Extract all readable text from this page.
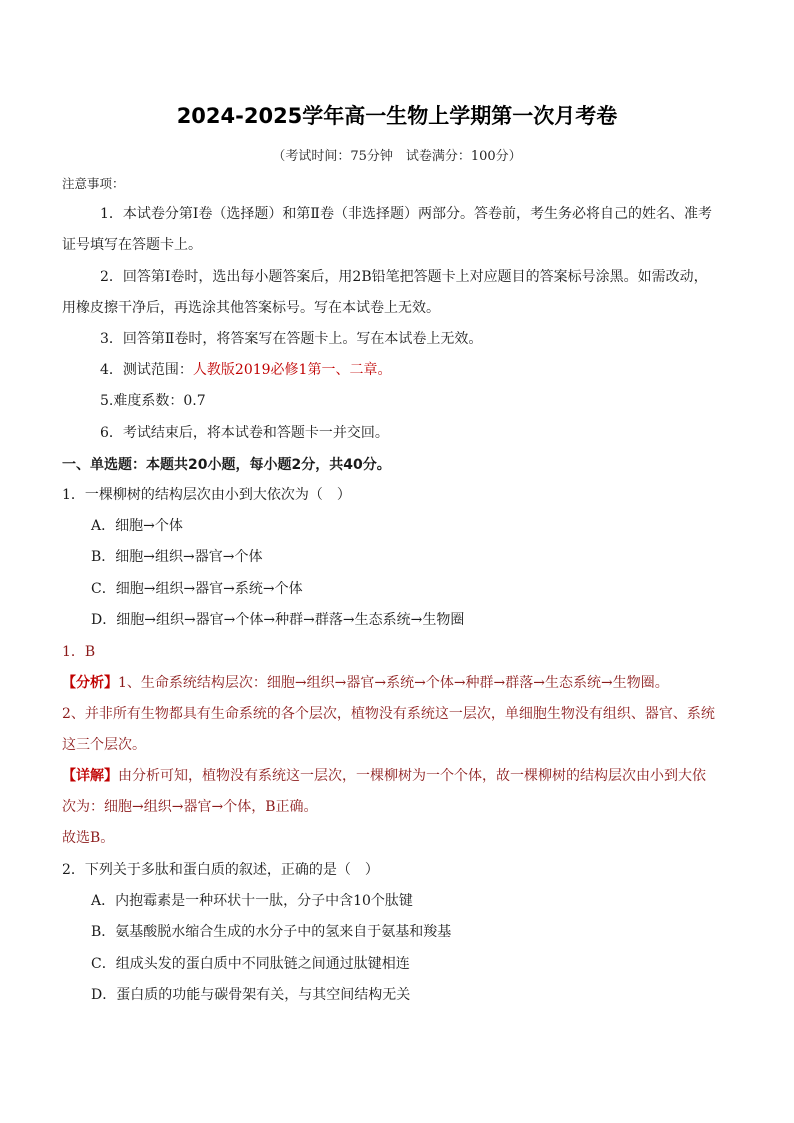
2024-2025学年高一生物上学期第一次月考卷
（考试时间：75分钟　试卷满分：100分）
注意事项：
1．本试卷分第Ⅰ卷（选择题）和第Ⅱ卷（非选择题）两部分。答卷前，考生务必将自己的姓名、准考
证号填写在答题卡上。
2．回答第Ⅰ卷时，选出每小题答案后，用2B铅笔把答题卡上对应题目的答案标号涂黑。如需改动，
用橡皮擦干净后，再选涂其他答案标号。写在本试卷上无效。
3．回答第Ⅱ卷时，将答案写在答题卡上。写在本试卷上无效。
4．测试范围：人教版2019必修1第一、二章。
5.难度系数：0.7
6．考试结束后，将本试卷和答题卡一并交回。
一、单选题：本题共20小题，每小题2分，共40分。
1．一棵柳树的结构层次由小到大依次为（　）
A．细胞→个体
B．细胞→组织→器官→个体
C．细胞→组织→器官→系统→个体
D．细胞→组织→器官→个体→种群→群落→生态系统→生物圈
1．B
【分析】1、生命系统结构层次：细胞→组织→器官→系统→个体→种群→群落→生态系统→生物圈。
2、并非所有生物都具有生命系统的各个层次，植物没有系统这一层次，单细胞生物没有组织、器官、系统
这三个层次。
【详解】由分析可知，植物没有系统这一层次，一棵柳树为一个个体，故一棵柳树的结构层次由小到大依
次为：细胞→组织→器官→个体，B正确。
故选B。
2．下列关于多肽和蛋白质的叙述，正确的是（　）
A．内抱霉素是一种环状十一肽，分子中含10个肽键
B．氨基酸脱水缩合生成的水分子中的氢来自于氨基和羧基
C．组成头发的蛋白质中不同肽链之间通过肽键相连
D．蛋白质的功能与碳骨架有关，与其空间结构无关
